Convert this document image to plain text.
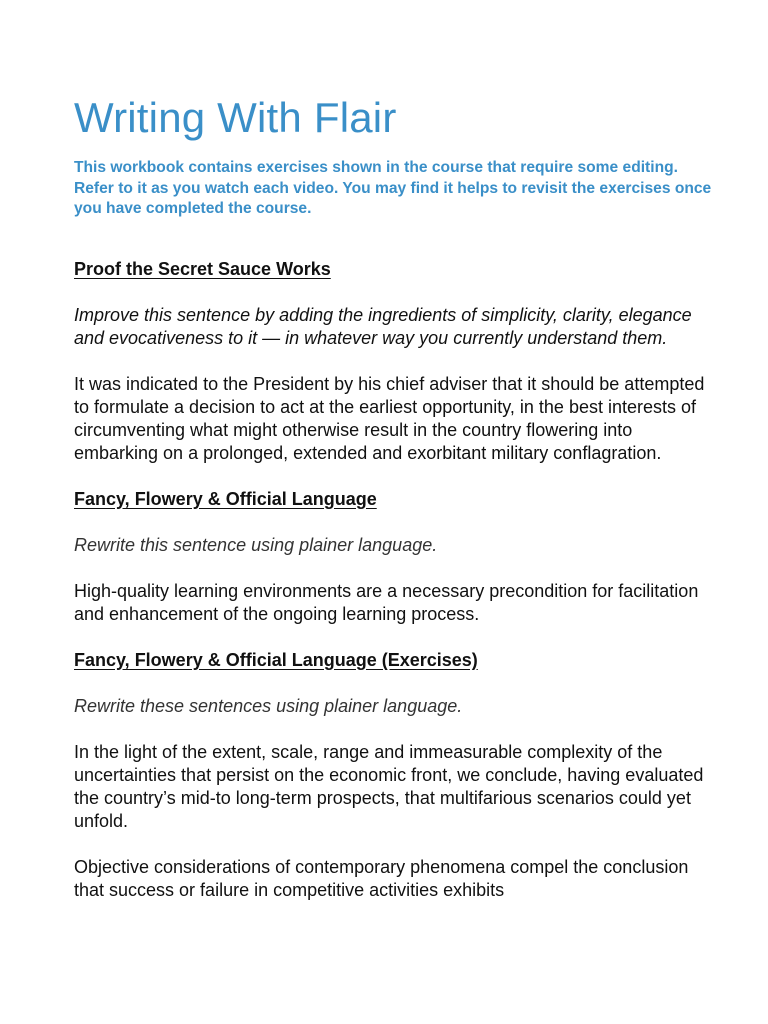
Writing With Flair

This workbook contains exercises shown in the course that require some editing. Refer to it as you watch each video. You may find it helps to revisit the exercises once you have completed the course.

Proof the Secret Sauce Works

Improve this sentence by adding the ingredients of simplicity, clarity, elegance and evocativeness to it — in whatever way you currently understand them.

It was indicated to the President by his chief adviser that it should be attempted to formulate a decision to act at the earliest opportunity, in the best interests of circumventing what might otherwise result in the country flowering into embarking on a prolonged, extended and exorbitant military conflagration.

Fancy, Flowery & Official Language

Rewrite this sentence using plainer language.

High-quality learning environments are a necessary precondition for facilitation and enhancement of the ongoing learning process.

Fancy, Flowery & Official Language (Exercises)

Rewrite these sentences using plainer language.

In the light of the extent, scale, range and immeasurable complexity of the uncertainties that persist on the economic front, we conclude, having evaluated the country’s mid-to long-term prospects, that multifarious scenarios could yet unfold.

Objective considerations of contemporary phenomena compel the conclusion that success or failure in competitive activities exhibits
